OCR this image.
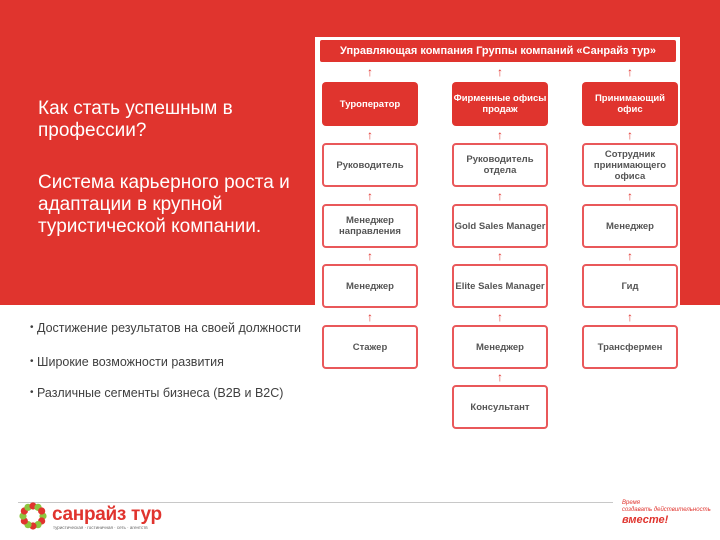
Как стать успешным в профессии?

Система карьерного роста и адаптации в крупной туристической компании.

• Достижение результатов на своей должности
• Широкие возможности развития
• Различные сегменты бизнеса (В2В и В2С)
Управляющая компания Группы компаний «Санрайз тур»
↑	↑	↑
Туроператор
↑
Руководитель
↑
Менеджер направления
↑
Менеджер
↑
Стажер
Фирменные офисы продаж
↑
Руководитель отдела
↑
Gold Sales Manager
↑
Elite Sales Manager
↑
Менеджер
↑
Консультант
Принимающий офис
↑
Сотрудник принимающего офиса
↑
Менеджер
↑
Гид
↑
Трансфермен
санрайз тур
туристическая · гостиничная · сеть · агентств
Время
создавать действительность
вместе!
